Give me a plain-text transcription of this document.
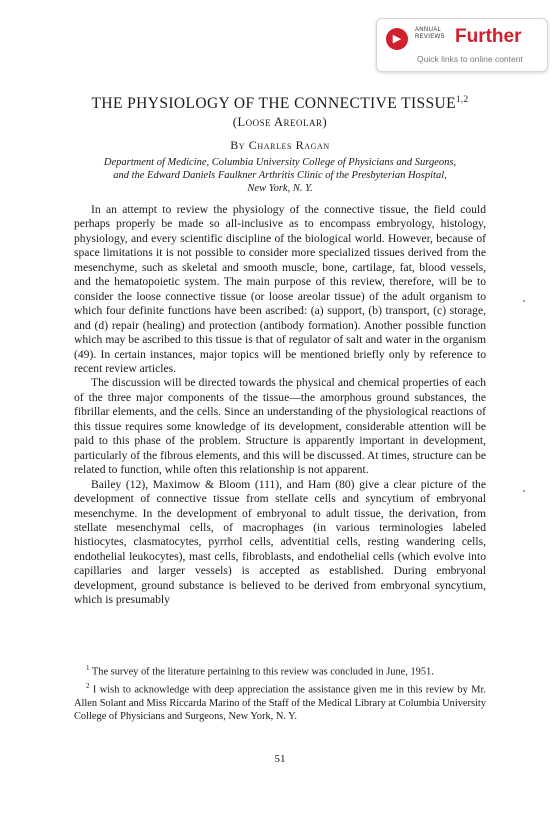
▶
ANNUAL
REVIEWS Further
Quick links to online content
THE PHYSIOLOGY OF THE CONNECTIVE TISSUE$^{1,2}$
(Loose Areolar)
By Charles Ragan
Department of Medicine, Columbia University College of Physicians and Surgeons,
and the Edward Daniels Faulkner Arthritis Clinic of the Presbyterian Hospital,
New York, N. Y.

In an attempt to review the physiology of the connective tissue, the field could perhaps properly be made so all-inclusive as to encompass embryology, histology, physiology, and every scientific discipline of the biological world. However, because of space limitations it is not possible to consider more specialized tissues derived from the mesenchyme, such as skeletal and smooth muscle, bone, cartilage, fat, blood vessels, and the hematopoietic system. The main purpose of this review, therefore, will be to consider the loose connective tissue (or loose areolar tissue) of the adult organism to which four definite functions have been ascribed: (a) support, (b) transport, (c) storage, and (d) repair (healing) and protection (antibody formation). Another possible function which may be ascribed to this tissue is that of regulator of salt and water in the organism (49). In certain instances, major topics will be mentioned briefly only by reference to recent review articles.

The discussion will be directed towards the physical and chemical properties of each of the three major components of the tissue—the amorphous ground substances, the fibrillar elements, and the cells. Since an understanding of the physiological reactions of this tissue requires some knowledge of its development, considerable attention will be paid to this phase of the problem. Structure is apparently important in development, particularly of the fibrous elements, and this will be discussed. At times, structure can be related to function, while often this relationship is not apparent.

Bailey (12), Maximow & Bloom (111), and Ham (80) give a clear picture of the development of connective tissue from stellate cells and syncytium of embryonal mesenchyme. In the development of embryonal to adult tissue, the derivation, from stellate mesenchymal cells, of macrophages (in various terminologies labeled histiocytes, clasmatocytes, pyrrhol cells, adventitial cells, resting wandering cells, endothelial leukocytes), mast cells, fibroblasts, and endothelial cells (which evolve into capillaries and larger vessels) is accepted as established. During embryonal development, ground substance is believed to be derived from embryonal syncytium, which is presumably

$^1$ The survey of the literature pertaining to this review was concluded in June, 1951.

$^2$ I wish to acknowledge with deep appreciation the assistance given me in this review by Mr. Allen Solant and Miss Riccarda Marino of the Staff of the Medical Library at Columbia University College of Physicians and Surgeons, New York, N. Y.

51
